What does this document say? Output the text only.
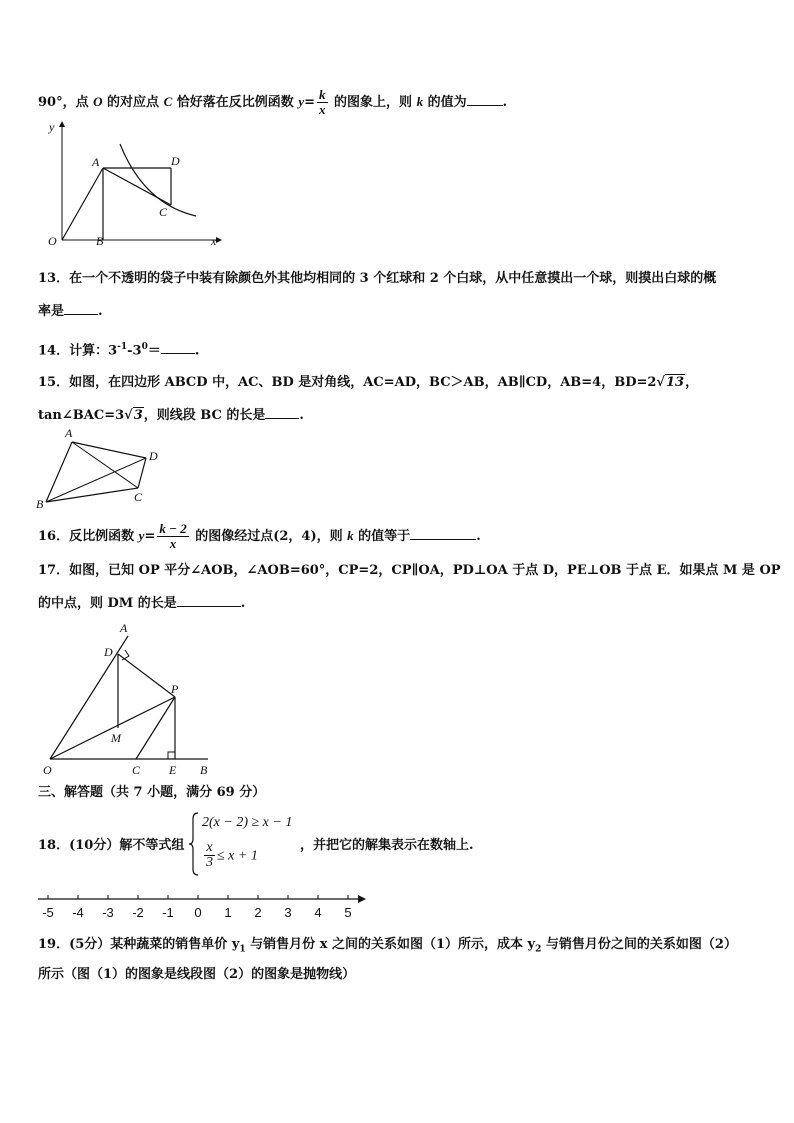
90°，点 O 的对应点 C 恰好落在反比例函数 $y= \frac{k}{x}$ 的图象上，则 k 的值为	.
y
x
A	D
C
O	B
13．在一个不透明的袋子中装有除颜色外其他均相同的 3 个红球和 2 个白球，从中任意摸出一个球，则摸出白球的概
率是	.
14．计算：$3^{-1}-3^0=$	.
15．如图，在四边形 ABCD 中，AC、BD 是对角线，AC=AD，BC＞AB，AB∥CD，AB=4，BD=2√13，
tan∠BAC=3√3，则线段 BC 的长是	.
A
D
B	C
16．反比例函数 $y= \frac{k - 2}{x}$ 的图像经过点(2，4)，则 k 的值等于	.
17．如图，已知 OP 平分∠AOB，∠AOB=60°，CP=2，CP∥OA，PD⊥OA 于点 D，PE⊥OB 于点 E．如果点 M 是 OP
的中点，则 DM 的长是	.
A
D
P
M
O	C E B
三、解答题（共 7 小题，满分 69 分）
18．(10分）解不等式组
2(x − 2) ≥ x − 1
$\frac{x}{3} \le x + 1$
，并把它的解集表示在数轴上.
-5 -4 -3 -2 -1 0 1 2 3 4 5
19．(5分）某种蔬菜的销售单价 $y_1$ 与销售月份 x 之间的关系如图（1）所示，成本 $y_2$ 与销售月份之间的关系如图（2）
所示（图（1）的图象是线段图（2）的图象是抛物线）
